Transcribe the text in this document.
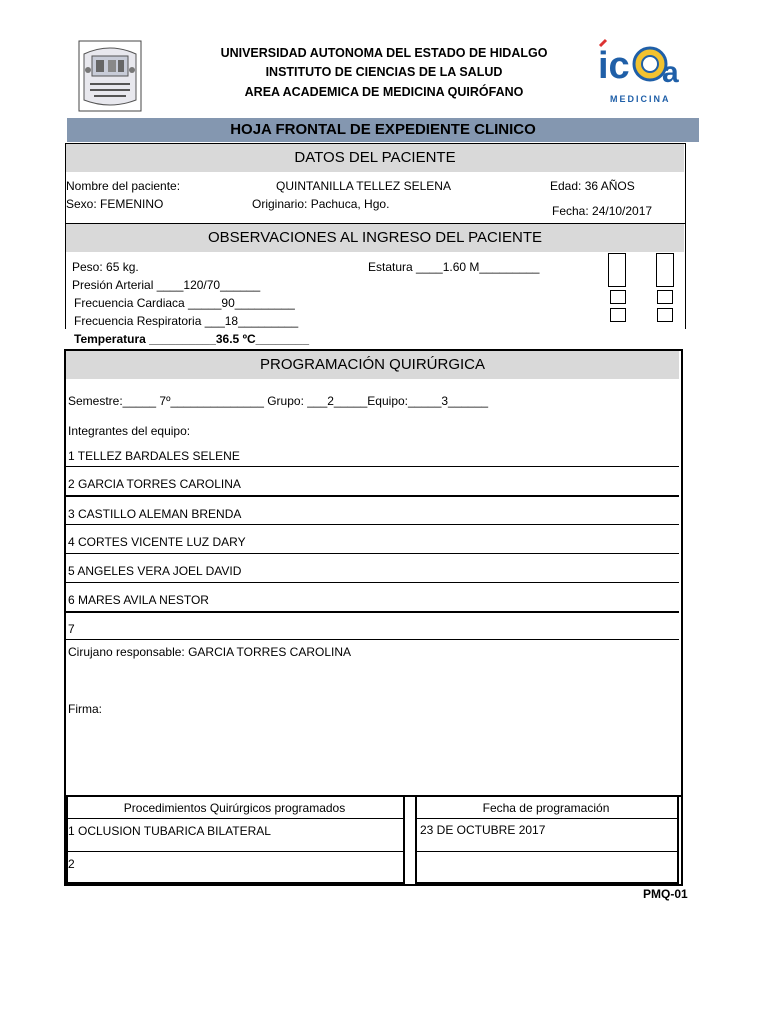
ic a
MEDICINA
UNIVERSIDAD AUTONOMA DEL ESTADO DE HIDALGO
INSTITUTO DE CIENCIAS DE LA SALUD
AREA ACADEMICA DE MEDICINA QUIRÓFANO
HOJA FRONTAL DE EXPEDIENTE CLINICO
DATOS DEL PACIENTE
Nombre del paciente:	QUINTANILLA TELLEZ SELENA	Edad: 36 AÑOS
Sexo: FEMENINO	Originario: Pachuca, Hgo.	Fecha: 24/10/2017
OBSERVACIONES AL INGRESO DEL PACIENTE
Peso: 65 kg.	Estatura ____1.60 M_________
Presión Arterial ____120/70______
Frecuencia Cardiaca _____90_________
Frecuencia Respiratoria ___18_________
Temperatura __________36.5 ºC________
PROGRAMACIÓN QUIRÚRGICA
Semestre:_____ 7º______________ Grupo: ___2_____Equipo:_____3______
Integrantes del equipo:
1 TELLEZ BARDALES SELENE
2 GARCIA TORRES CAROLINA
3 CASTILLO ALEMAN BRENDA
4 CORTES VICENTE LUZ DARY
5 ANGELES VERA JOEL DAVID
6 MARES AVILA NESTOR
7
Cirujano responsable: GARCIA TORRES CAROLINA
Firma:
Procedimientos Quirúrgicos programados	Fecha de programación
1 OCLUSION TUBARICA BILATERAL	23 DE OCTUBRE 2017
2
PMQ-01
